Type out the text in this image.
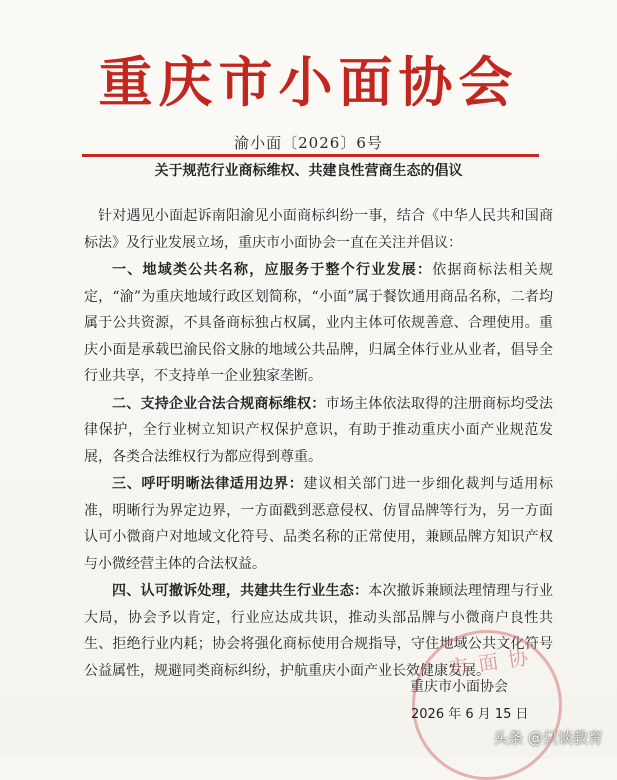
重庆市小面协会
渝小面〔2026〕6号
关于规范行业商标维权、共建良性营商生态的倡议

针对遇见小面起诉南阳渝见小面商标纠纷一事，结合《中华人民共和国商标法》及行业发展立场，重庆市小面协会一直在关注并倡议：

一、地域类公共名称，应服务于整个行业发展：依据商标法相关规定，“渝”为重庆地域行政区划简称，“小面”属于餐饮通用商品名称，二者均属于公共资源，不具备商标独占权属，业内主体可依规善意、合理使用。重庆小面是承载巴渝民俗文脉的地域公共品牌，归属全体行业从业者，倡导全行业共享，不支持单一企业独家垄断。

二、支持企业合法合规商标维权：市场主体依法取得的注册商标均受法律保护，全行业树立知识产权保护意识，有助于推动重庆小面产业规范发展，各类合法维权行为都应得到尊重。

三、呼吁明晰法律适用边界：建议相关部门进一步细化裁判与适用标准，明晰行为界定边界，一方面戳到恶意侵权、仿冒品牌等行为，另一方面认可小微商户对地域文化符号、品类名称的正常使用，兼顾品牌方知识产权与小微经营主体的合法权益。

四、认可撤诉处理，共建共生行业生态：本次撤诉兼顾法理情理与行业大局，协会予以肯定，行业应达成共识，推动头部品牌与小微商户良性共生、拒绝行业内耗；协会将强化商标使用合规指导，守住地域公共文化符号公益属性，规避同类商标纠纷，护航重庆小面产业长效健康发展。

市面协
重庆市小面协会
2026 年 6 月 15 日
头条 @只谈教育
